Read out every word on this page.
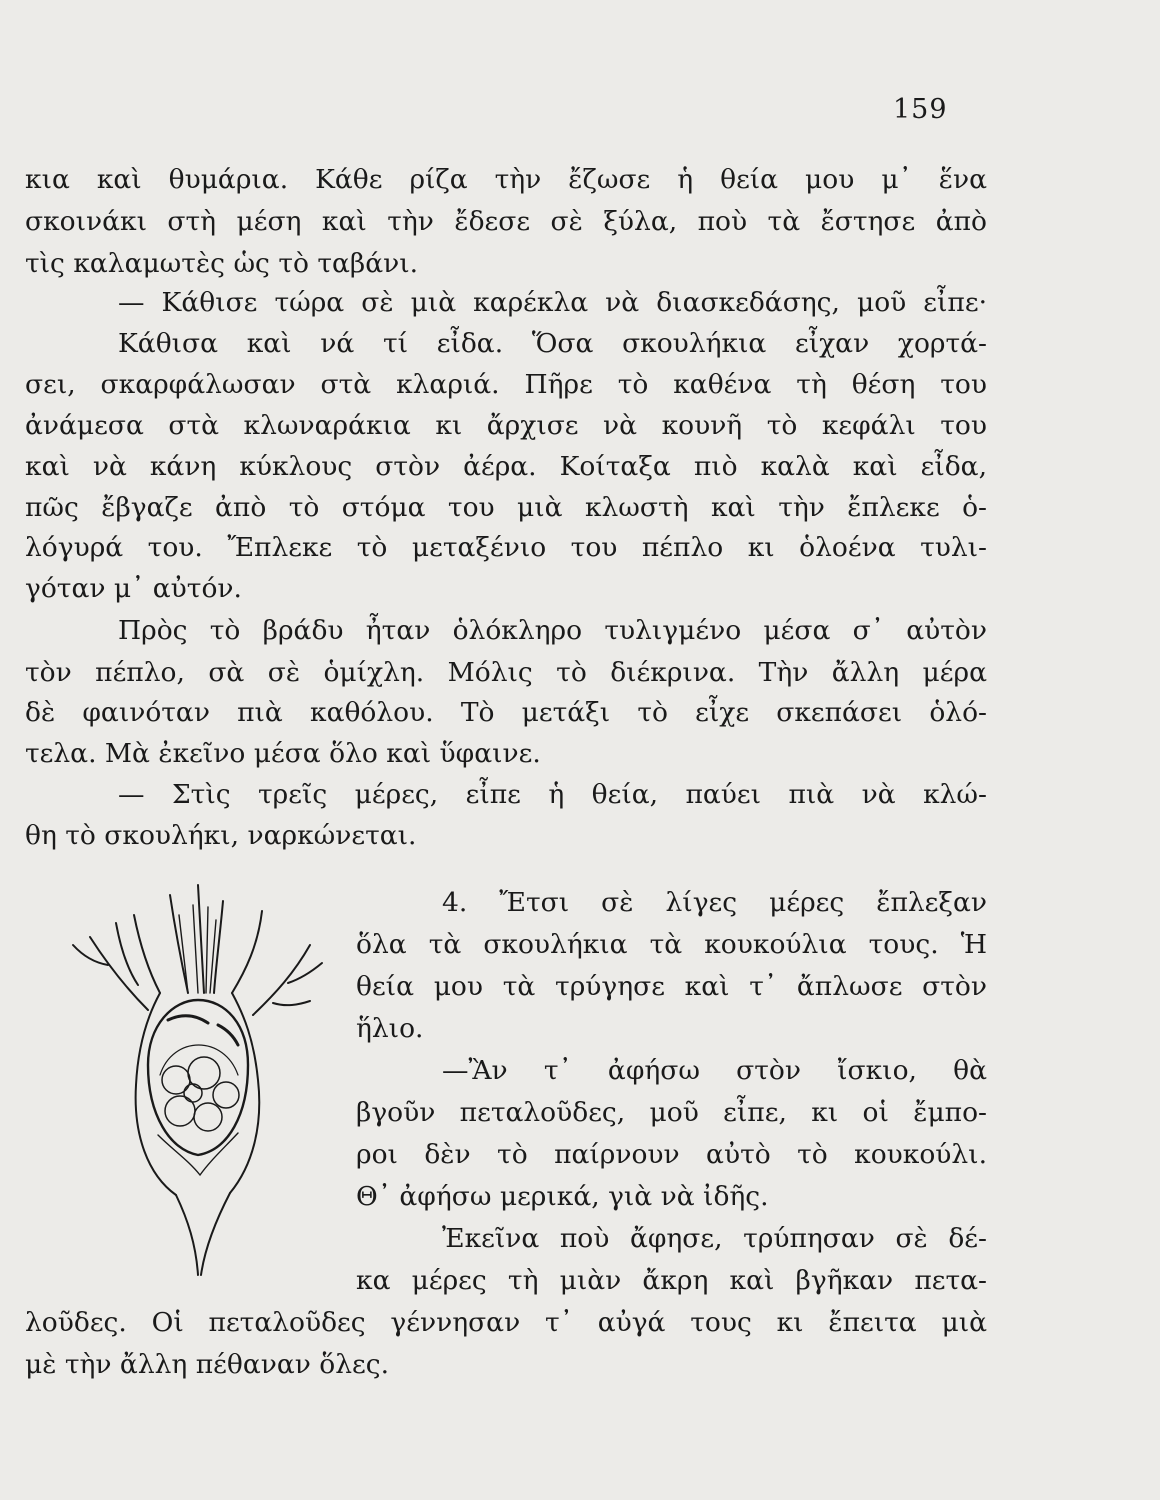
159
κια καὶ θυμάρια. Κάθε ρίζα τὴν ἔζωσε ἡ θεία μου μ᾿ ἕνα
σκοινάκι στὴ μέση καὶ τὴν ἔδεσε σὲ ξύλα, ποὺ τὰ ἔστησε ἀπὸ
τὶς καλαμωτὲς ὡς τὸ ταβάνι.
— Κάθισε τώρα σὲ μιὰ καρέκλα νὰ διασκεδάσης, μοῦ εἶπε·
Κάθισα καὶ νά τί εἶδα. Ὅσα σκουλήκια εἶχαν χορτά-
σει, σκαρφάλωσαν στὰ κλαριά. Πῆρε τὸ καθένα τὴ θέση του
ἀνάμεσα στὰ κλωναράκια κι ἄρχισε νὰ κουνῆ τὸ κεφάλι του
καὶ νὰ κάνη κύκλους στὸν ἀέρα. Κοίταξα πιὸ καλὰ καὶ εἶδα,
πῶς ἔβγαζε ἀπὸ τὸ στόμα του μιὰ κλωστὴ καὶ τὴν ἔπλεκε ὁ-
λόγυρά του. Ἔπλεκε τὸ μεταξένιο του πέπλο κι ὁλοένα τυλι-
γόταν μ᾿ αὐτόν.
Πρὸς τὸ βράδυ ἦταν ὁλόκληρο τυλιγμένο μέσα σ᾿ αὐτὸν
τὸν πέπλο, σὰ σὲ ὁμίχλη. Μόλις τὸ διέκρινα. Τὴν ἄλλη μέρα
δὲ φαινόταν πιὰ καθόλου. Τὸ μετάξι τὸ εἶχε σκεπάσει ὁλό-
τελα. Μὰ ἐκεῖνο μέσα ὅλο καὶ ὕφαινε.
— Στὶς τρεῖς μέρες, εἶπε ἡ θεία, παύει πιὰ νὰ κλώ-
θη τὸ σκουλήκι, ναρκώνεται.
4. Ἔτσι σὲ λίγες μέρες ἔπλεξαν
ὅλα τὰ σκουλήκια τὰ κουκούλια τους. Ἡ
θεία μου τὰ τρύγησε καὶ τ᾿ ἄπλωσε στὸν
ἥλιο.
—Ἂν τ᾿ ἀφήσω στὸν ἴσκιο, θὰ
βγοῦν πεταλοῦδες, μοῦ εἶπε, κι οἱ ἔμπο-
ροι δὲν τὸ παίρνουν αὐτὸ τὸ κουκούλι.
Θ᾿ ἀφήσω μερικά, γιὰ νὰ ἰδῆς.
Ἐκεῖνα ποὺ ἄφησε, τρύπησαν σὲ δέ-
κα μέρες τὴ μιὰν ἄκρη καὶ βγῆκαν πετα-
λοῦδες. Οἱ πεταλοῦδες γέννησαν τ᾿ αὐγά τους κι ἔπειτα μιὰ
μὲ τὴν ἄλλη πέθαναν ὅλες.
